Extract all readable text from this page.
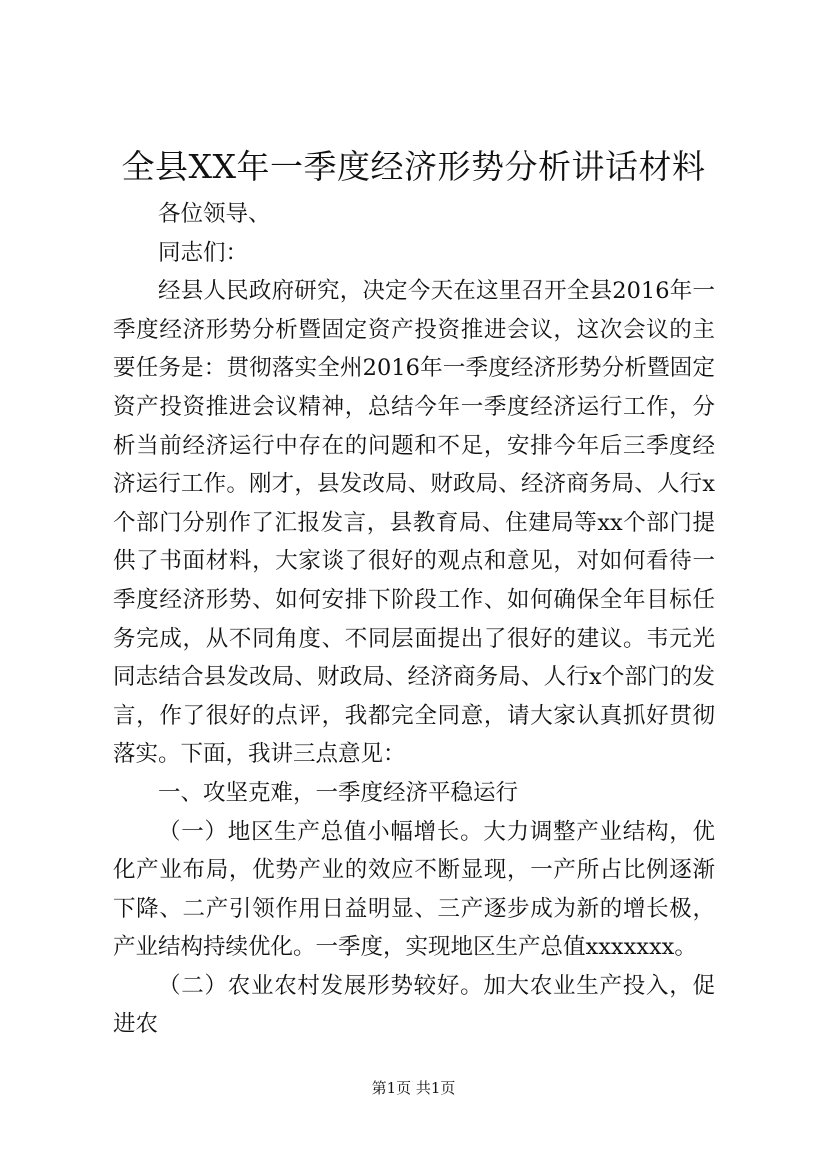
全县XX年一季度经济形势分析讲话材料

各位领导、

同志们：

经县人民政府研究，决定今天在这里召开全县2016年一季度经济形势分析暨固定资产投资推进会议，这次会议的主要任务是：贯彻落实全州2016年一季度经济形势分析暨固定资产投资推进会议精神，总结今年一季度经济运行工作，分析当前经济运行中存在的问题和不足，安排今年后三季度经济运行工作。刚才，县发改局、财政局、经济商务局、人行x个部门分别作了汇报发言，县教育局、住建局等xx个部门提供了书面材料，大家谈了很好的观点和意见，对如何看待一季度经济形势、如何安排下阶段工作、如何确保全年目标任务完成，从不同角度、不同层面提出了很好的建议。韦元光同志结合县发改局、财政局、经济商务局、人行x个部门的发言，作了很好的点评，我都完全同意，请大家认真抓好贯彻落实。下面，我讲三点意见：

一、攻坚克难，一季度经济平稳运行

（一）地区生产总值小幅增长。大力调整产业结构，优化产业布局，优势产业的效应不断显现，一产所占比例逐渐下降、二产引领作用日益明显、三产逐步成为新的增长极，产业结构持续优化。一季度，实现地区生产总值xxxxxxx。

（二）农业农村发展形势较好。加大农业生产投入，促进农

第1页 共1页
